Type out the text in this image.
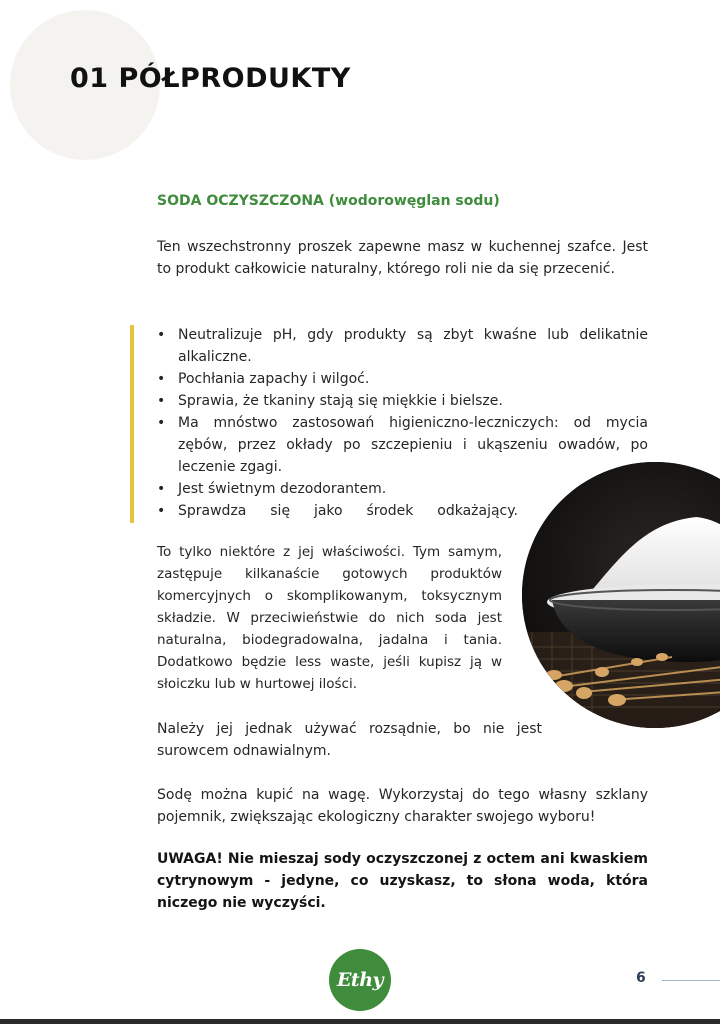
01 PÓŁPRODUKTY
SODA OCZYSZCZONA (wodorowęglan sodu)

Ten wszechstronny proszek zapewne masz w kuchennej szafce. Jest to produkt całkowicie naturalny, którego roli nie da się przecenić.

• Neutralizuje pH, gdy produkty są zbyt kwaśne lub delikatnie alkaliczne.
• Pochłania zapachy i wilgoć.
• Sprawia, że tkaniny stają się miękkie i bielsze.
• Ma mnóstwo zastosowań higieniczno-leczniczych: od mycia zębów, przez okłady po szczepieniu i ukąszeniu owadów, po leczenie zgagi.
• Jest świetnym dezodorantem.
• Sprawdza się jako środek odkażający.

To tylko niektóre z jej właściwości. Tym samym, zastępuje kilkanaście gotowych produktów komercyjnych o skomplikowanym, toksycznym składzie. W przeciwieństwie do nich soda jest naturalna, biodegradowalna, jadalna i tania. Dodatkowo będzie less waste, jeśli kupisz ją w słoiczku lub w hurtowej ilości.

Należy jej jednak używać rozsądnie, bo nie jest surowcem odnawialnym.

Sodę można kupić na wagę. Wykorzystaj do tego własny szklany pojemnik, zwiększając ekologiczny charakter swojego wyboru!

UWAGA! Nie mieszaj sody oczyszczonej z octem ani kwaskiem cytrynowym - jedyne, co uzyskasz, to słona woda, która niczego nie wyczyści.

Ethy	6
